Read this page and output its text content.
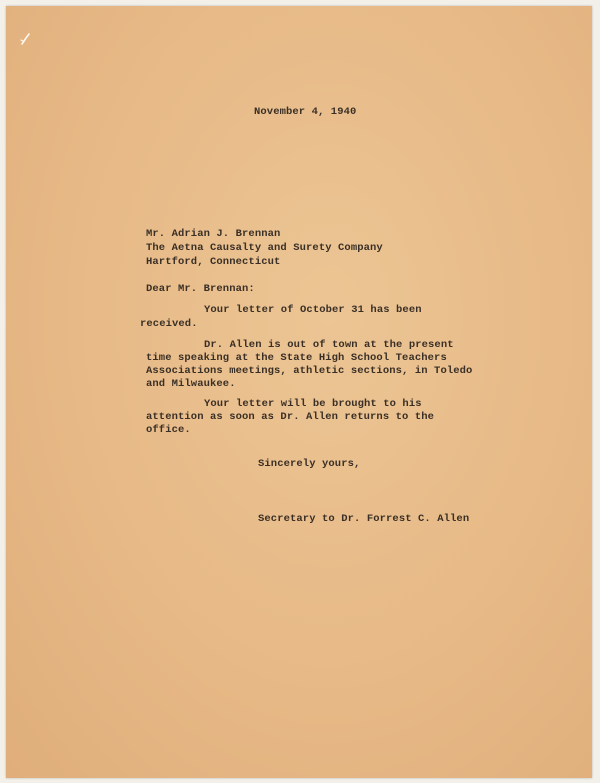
November 4, 1940

Mr. Adrian J. Brennan

The Aetna Causalty and Surety Company

Hartford, Connecticut

Dear Mr. Brennan:

Your letter of October 31 has been

received.

Dr. Allen is out of town at the present

time speaking at the State High School Teachers

Associations meetings, athletic sections, in Toledo

and Milwaukee.

Your letter will be brought to his

attention as soon as Dr. Allen returns to the

office.

Sincerely yours,

Secretary to Dr. Forrest C. Allen
